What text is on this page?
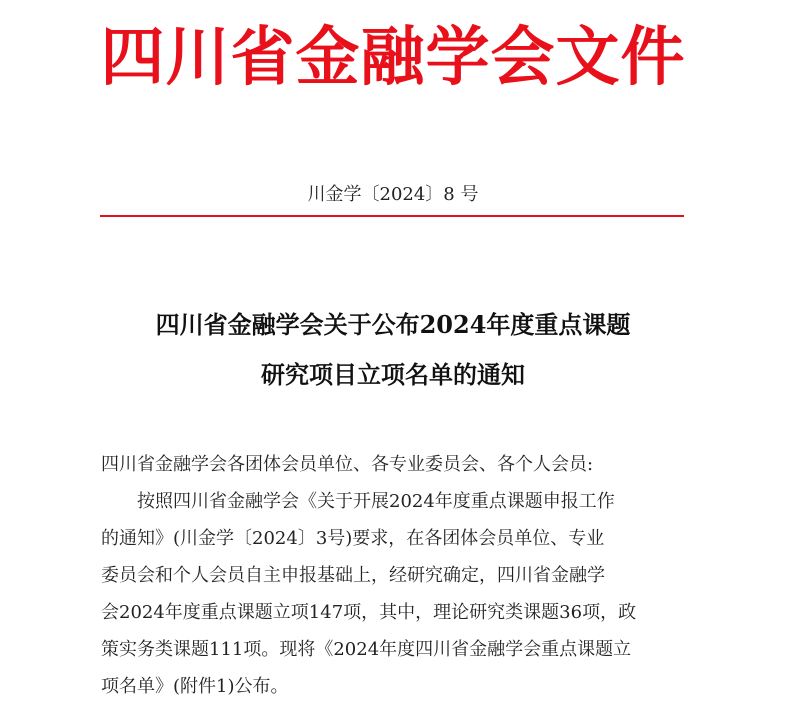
四川省金融学会文件
川金学〔2024〕8 号
四川省金融学会关于公布2024年度重点课题
研究项目立项名单的通知
四川省金融学会各团体会员单位、各专业委员会、各个人会员:
　　按照四川省金融学会《关于开展2024年度重点课题申报工作
的通知》(川金学〔2024〕3号)要求，在各团体会员单位、专业
委员会和个人会员自主申报基础上，经研究确定，四川省金融学
会2024年度重点课题立项147项，其中，理论研究类课题36项，政
策实务类课题111项。现将《2024年度四川省金融学会重点课题立
项名单》(附件1)公布。
